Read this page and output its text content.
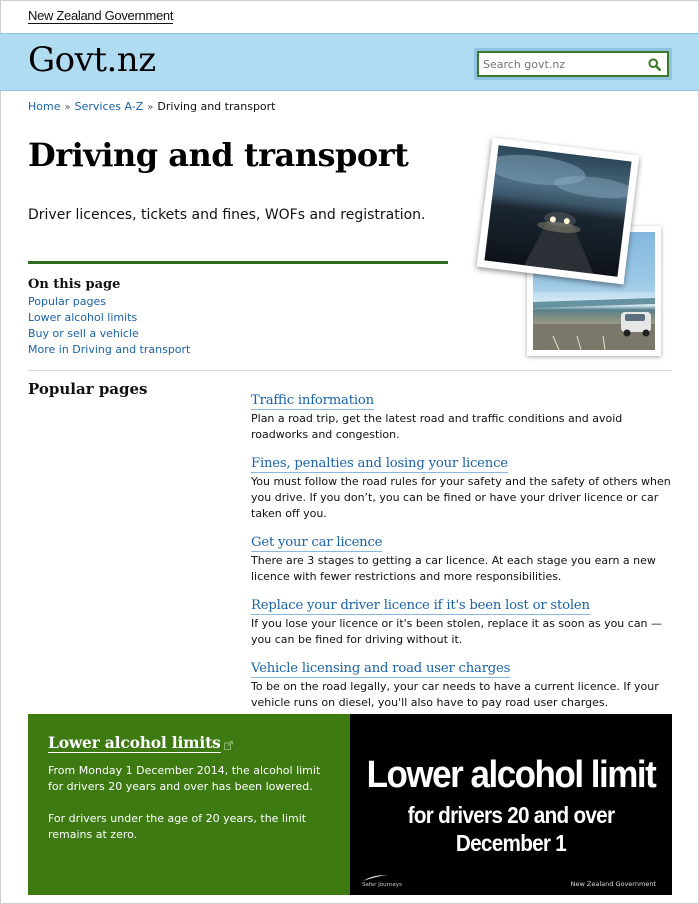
New Zealand Government
Govt.nz
Search govt.nz
Home » Services A-Z » Driving and transport
Driving and transport

Driver licences, tickets and fines, WOFs and registration.

On this page
Popular pages
Lower alcohol limits
Buy or sell a vehicle
More in Driving and transport
Popular pages
Traffic information

Plan a road trip, get the latest road and traffic conditions and avoid roadworks and congestion.

Fines, penalties and losing your licence

You must follow the road rules for your safety and the safety of others when you drive. If you don’t, you can be fined or have your driver licence or car taken off you.

Get your car licence

There are 3 stages to getting a car licence. At each stage you earn a new licence with fewer restrictions and more responsibilities.

Replace your driver licence if it's been lost or stolen

If you lose your licence or it's been stolen, replace it as soon as you can — you can be fined for driving without it.

Vehicle licensing and road user charges

To be on the road legally, your car needs to have a current licence. If your vehicle runs on diesel, you'll also have to pay road user charges.

Lower alcohol limits

From Monday 1 December 2014, the alcohol limit for drivers 20 years and over has been lowered.

For drivers under the age of 20 years, the limit remains at zero.

Lower alcohol limit
for drivers 20 and over
December 1
Safer Journeys	New Zealand Government
